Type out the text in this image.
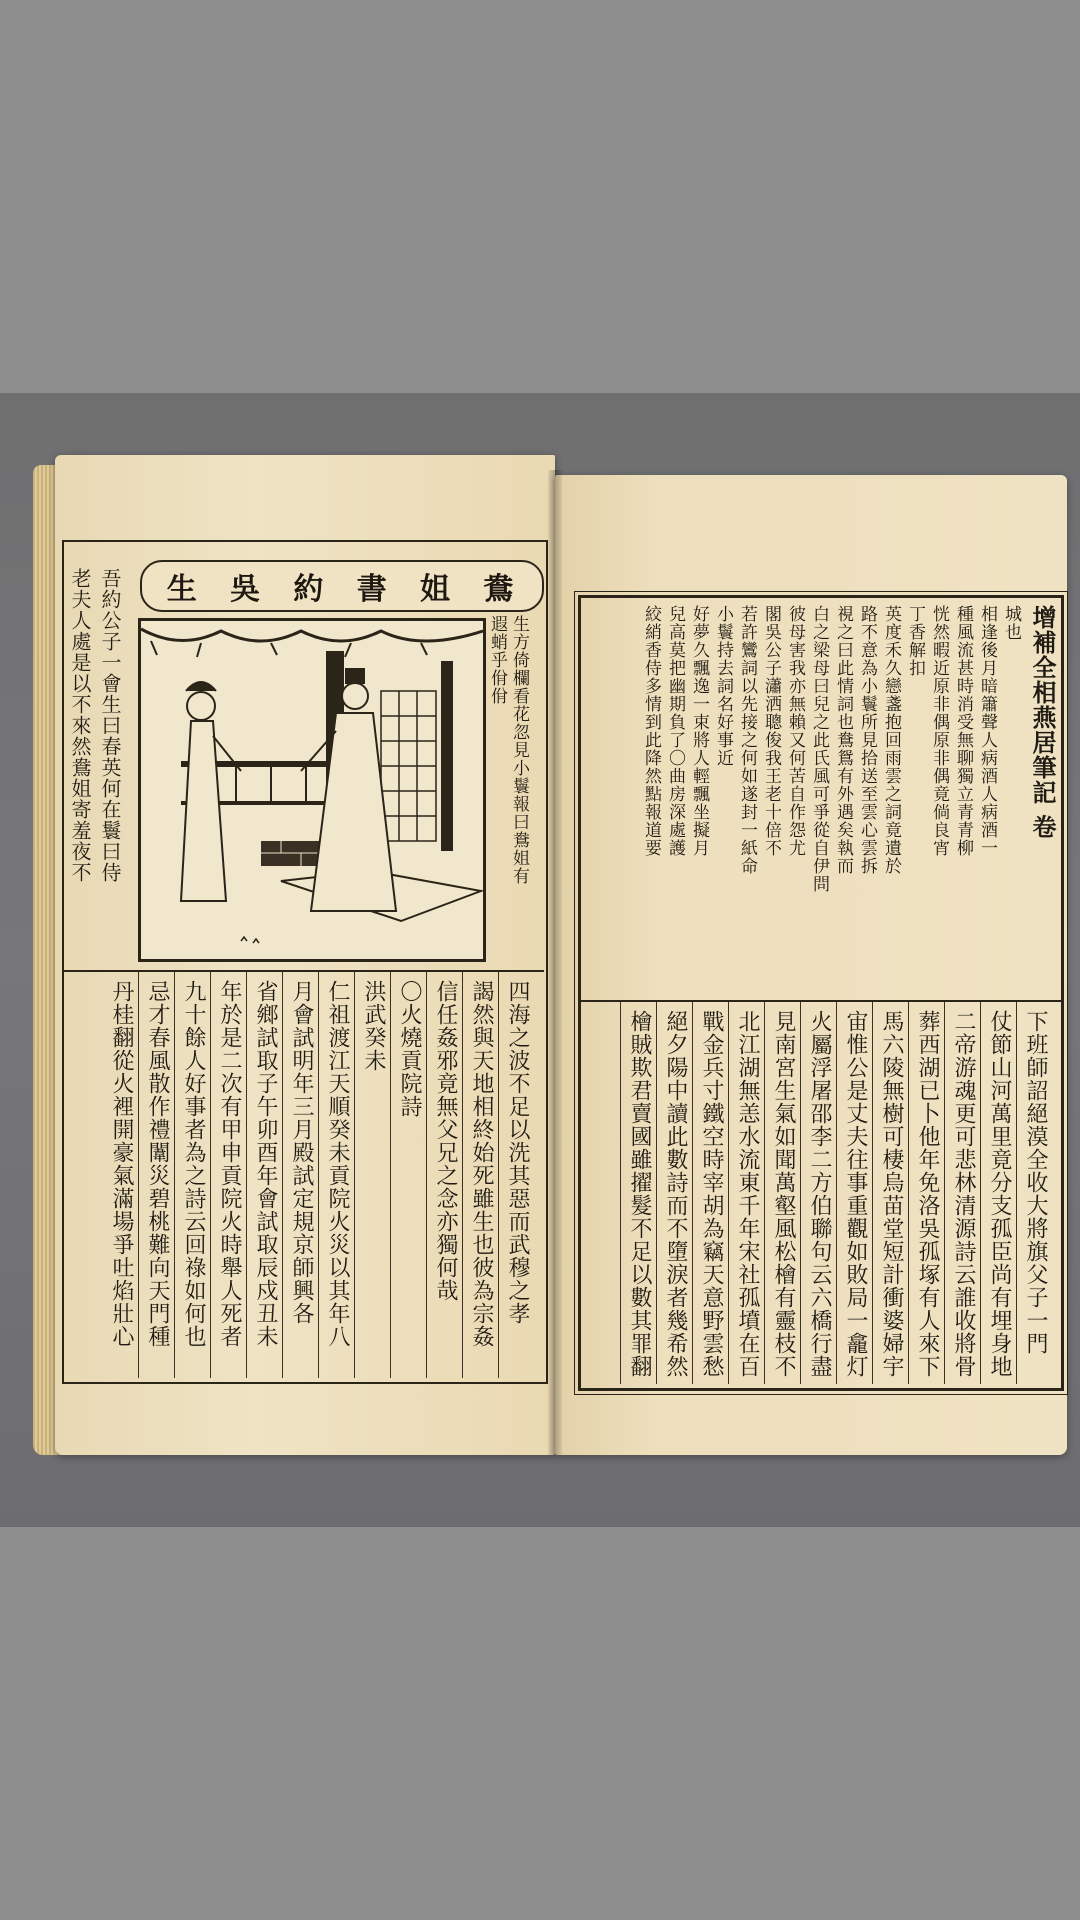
鴦
姐
書
約
吳
生
吾約公子一會生曰春英何在鬟曰侍
老夫人處是以不來然鴦姐寄羞夜不	生方倚欄看花忽見小鬟報曰鴦姐有
遐蛸乎佾佾
四海之波不足以洗其惡而武穆之孝
謁然與天地相終始死雖生也彼為宗姦
信任姦邪竟無父兄之念亦獨何哉
〇火燒貢院詩
洪武癸未
仁祖渡江天順癸未貢院火災以其年八
月會試明年三月殿試定規京師興各
省鄉試取子午卯酉年會試取辰戍丑未
年於是二次有甲申貢院火時舉人死者
九十餘人好事者為之詩云回祿如何也
忌才春風散作禮闈災碧桃難向天門種
丹桂翻從火裡開豪氣滿場爭吐焰壯心
增補全相燕居筆記 卷
城也
相逢後月暗簫聲人病酒人病酒一
種風流甚時消受無聊獨立青青柳
恍然暇近原非偶原非偶竟倘良宵
丁香解扣
英度禾久戀盞抱回雨雲之詞竟遺於
路不意為小鬟所見拾送至雲心雲拆
視之曰此情詞也鴦鴛有外遇矣執而
白之梁母曰兒之此氏風可爭從自伊問
彼母害我亦無賴又何苦自作怨尤
閣吳公子瀟洒聰俊我王老十倍不
若許鸞詞以先接之何如遂封一紙命
小鬟持去詞名好事近
好夢久飄逸一束將人輕飄坐擬月
兒高莫把幽期負了〇曲房深處護
絞綃香侍多情到此降然點報道要
下班師詔絕漠全收大將旗父子一門
仗節山河萬里竟分支孤臣尚有埋身地
二帝游魂更可悲林清源詩云誰收將骨
葬西湖已卜他年免洛吳孤塚有人來下
馬六陵無樹可棲烏苗堂短計衝婆婦宇
宙惟公是丈夫往事重觀如敗局一龕灯
火屬浮屠邵李二方伯聯句云六橋行盡
見南宮生氣如聞萬壑風松檜有靈枝不
北江湖無恙水流東千年宋社孤墳在百
戰金兵寸鐵空時宰胡為竊天意野雲愁
絕夕陽中讀此數詩而不墮淚者幾希然
檜賊欺君賣國雖擢髮不足以數其罪翻
